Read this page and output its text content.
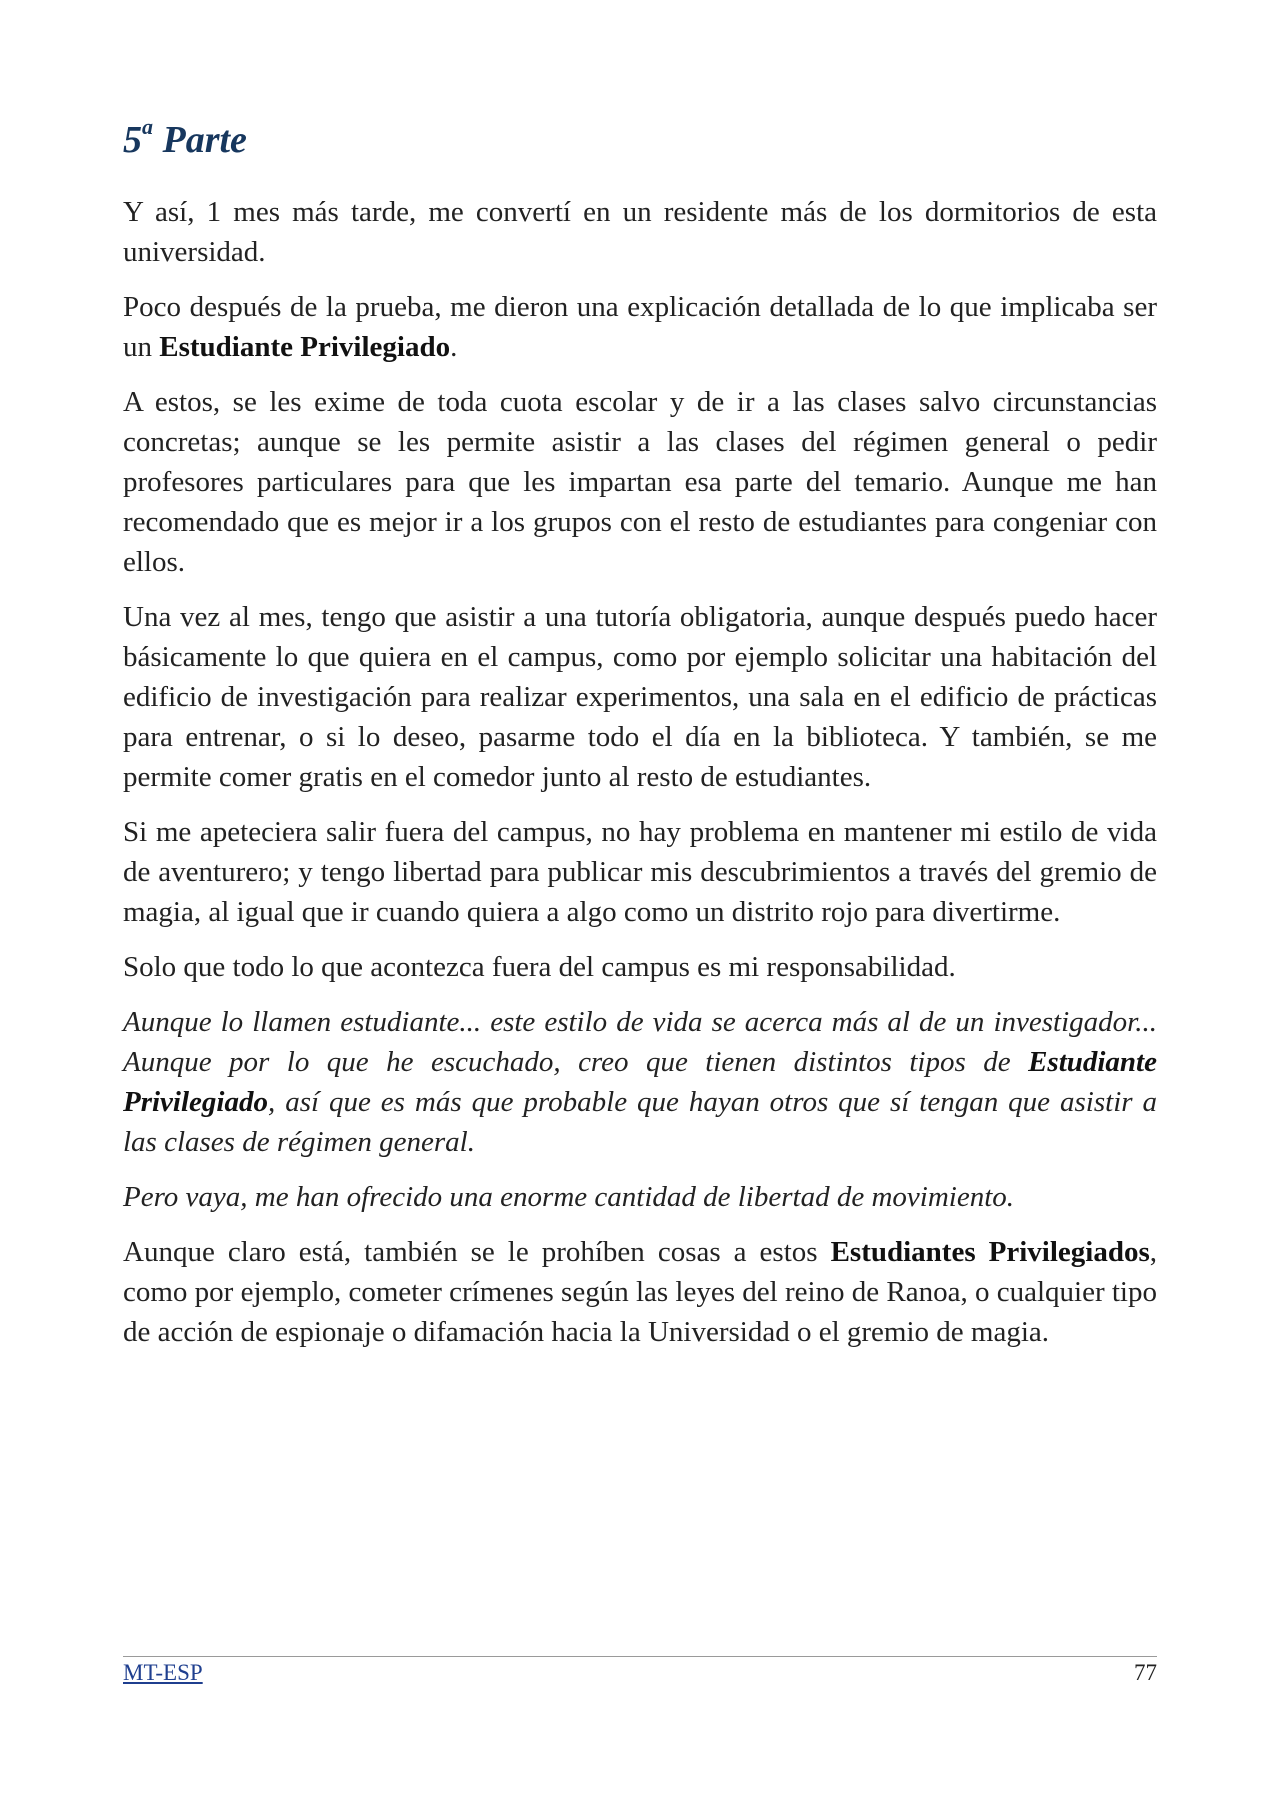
5$^a$ Parte

Y así, 1 mes más tarde, me convertí en un residente más de los dormitorios de esta universidad.

Poco después de la prueba, me dieron una explicación detallada de lo que implicaba ser un Estudiante Privilegiado.

A estos, se les exime de toda cuota escolar y de ir a las clases salvo circunstancias concretas; aunque se les permite asistir a las clases del régimen general o pedir profesores particulares para que les impartan esa parte del temario. Aunque me han recomendado que es mejor ir a los grupos con el resto de estudiantes para congeniar con ellos.

Una vez al mes, tengo que asistir a una tutoría obligatoria, aunque después puedo hacer básicamente lo que quiera en el campus, como por ejemplo solicitar una habitación del edificio de investigación para realizar experimentos, una sala en el edificio de prácticas para entrenar, o si lo deseo, pasarme todo el día en la biblioteca. Y también, se me permite comer gratis en el comedor junto al resto de estudiantes.

Si me apeteciera salir fuera del campus, no hay problema en mantener mi estilo de vida de aventurero; y tengo libertad para publicar mis descubrimientos a través del gremio de magia, al igual que ir cuando quiera a algo como un distrito rojo para divertirme.

Solo que todo lo que acontezca fuera del campus es mi responsabilidad.

Aunque lo llamen estudiante... este estilo de vida se acerca más al de un investigador... Aunque por lo que he escuchado, creo que tienen distintos tipos de Estudiante Privilegiado, así que es más que probable que hayan otros que sí tengan que asistir a las clases de régimen general.

Pero vaya, me han ofrecido una enorme cantidad de libertad de movimiento.

Aunque claro está, también se le prohíben cosas a estos Estudiantes Privilegiados, como por ejemplo, cometer crímenes según las leyes del reino de Ranoa, o cualquier tipo de acción de espionaje o difamación hacia la Universidad o el gremio de magia.

MT-ESP	77
